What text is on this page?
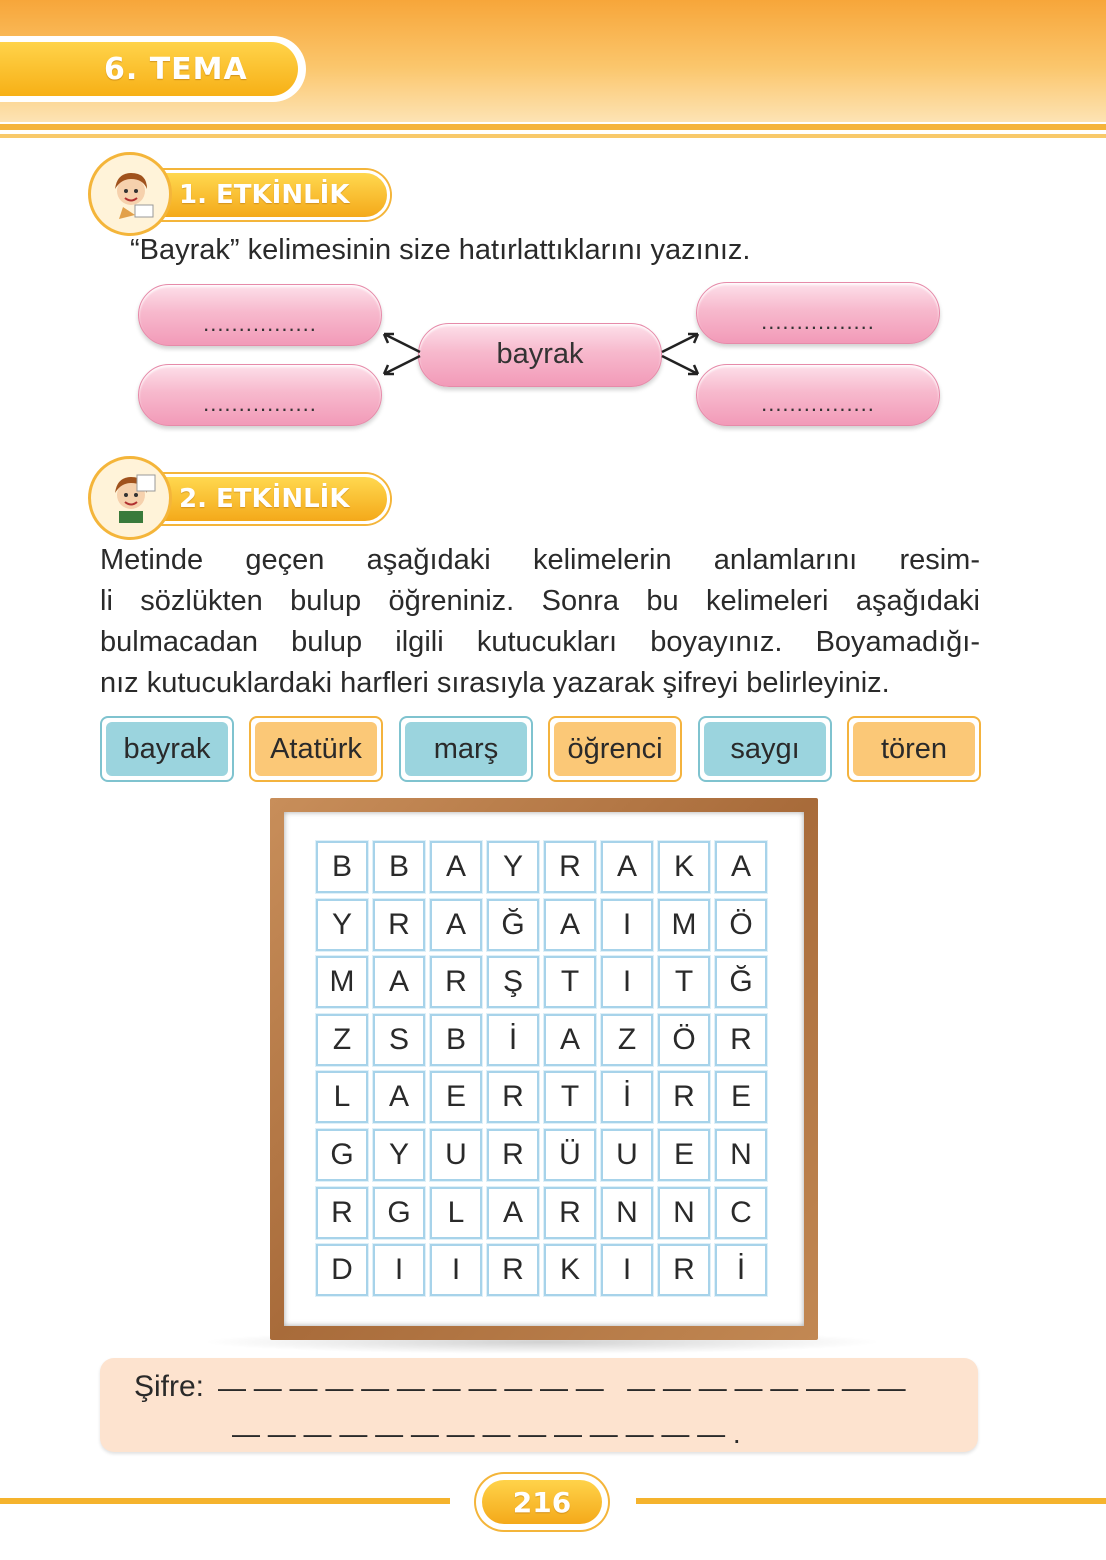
6. TEMA
1. ETKİNLİK
“Bayrak” kelimesinin size hatırlattıklarını yazınız.
................
................
bayrak
................
................
2. ETKİNLİK
Metinde geçen aşağıdaki kelimelerin anlamlarını resim-
li sözlükten bulup öğreniniz. Sonra bu kelimeleri aşağıdaki
bulmacadan bulup ilgili kutucukları boyayınız. Boyamadığı-
nız kutucuklardaki harfleri sırasıyla yazarak şifreyi belirleyiniz.
bayrak	Atatürk	marş	öğrenci	saygı	tören
B	B	A	Y	R	A	K	A
Y	R	A	Ğ	A	I	M	Ö
M	A	R	Ş	T	I	T	Ğ
Z	S	B	İ	A	Z	Ö	R
L	A	E	R	T	İ	R	E
G	Y	U	R	Ü	U	E	N
R	G	L	A	R	N	N	C
D	I	I	R	K	I	R	İ
Şifre: — — — — — — — — — — —   — — — — — — — —
— — — — — — — — — — — — — — .
216
